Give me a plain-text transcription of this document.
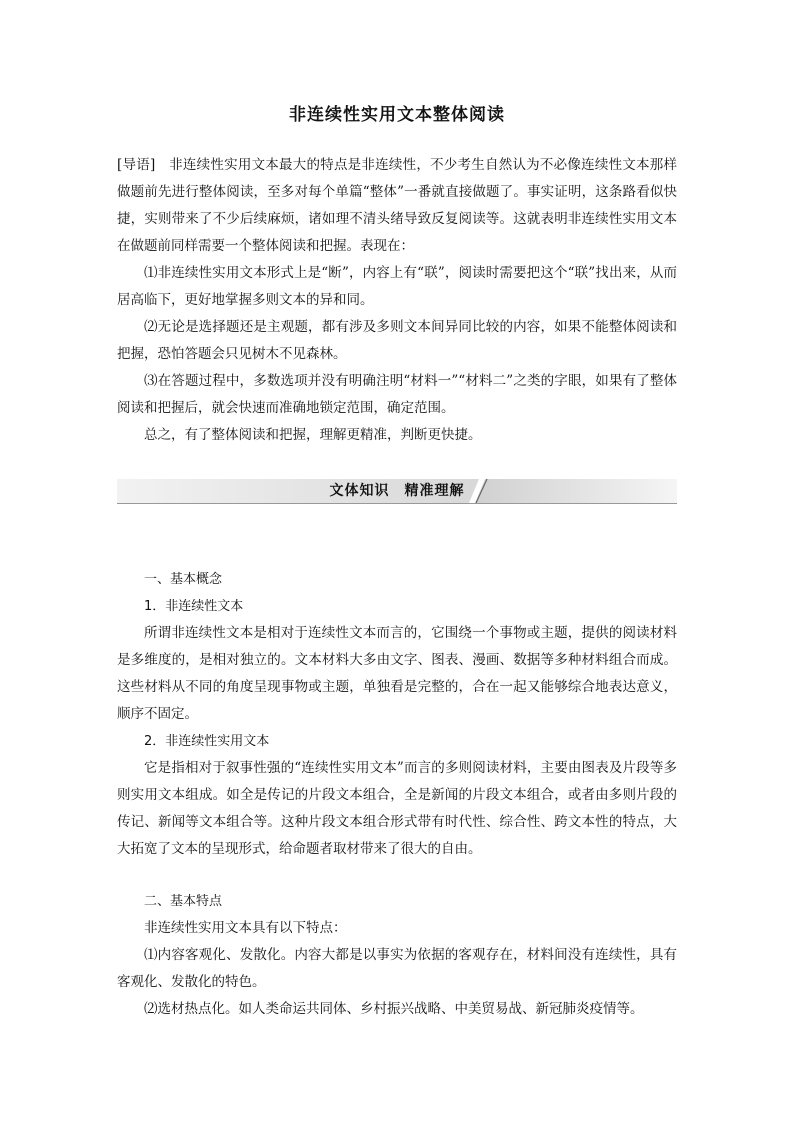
非连续性实用文本整体阅读

[导语]　非连续性实用文本最大的特点是非连续性，不少考生自然认为不必像连续性文本那样做题前先进行整体阅读，至多对每个单篇“整体”一番就直接做题了。事实证明，这条路看似快捷，实则带来了不少后续麻烦，诸如理不清头绪导致反复阅读等。这就表明非连续性实用文本在做题前同样需要一个整体阅读和把握。表现在：

⑴非连续性实用文本形式上是“断”，内容上有“联”，阅读时需要把这个“联”找出来，从而居高临下，更好地掌握多则文本的异和同。

⑵无论是选择题还是主观题，都有涉及多则文本间异同比较的内容，如果不能整体阅读和把握，恐怕答题会只见树木不见森林。

⑶在答题过程中，多数选项并没有明确注明“材料一”“材料二”之类的字眼，如果有了整体阅读和把握后，就会快速而准确地锁定范围，确定范围。

总之，有了整体阅读和把握，理解更精准，判断更快捷。

文体知识　精准理解

一、基本概念

1．非连续性文本

所谓非连续性文本是相对于连续性文本而言的，它围绕一个事物或主题，提供的阅读材料是多维度的，是相对独立的。文本材料大多由文字、图表、漫画、数据等多种材料组合而成。这些材料从不同的角度呈现事物或主题，单独看是完整的，合在一起又能够综合地表达意义，顺序不固定。

2．非连续性实用文本

它是指相对于叙事性强的“连续性实用文本”而言的多则阅读材料，主要由图表及片段等多则实用文本组成。如全是传记的片段文本组合，全是新闻的片段文本组合，或者由多则片段的传记、新闻等文本组合等。这种片段文本组合形式带有时代性、综合性、跨文本性的特点，大大拓宽了文本的呈现形式，给命题者取材带来了很大的自由。

二、基本特点

非连续性实用文本具有以下特点：

⑴内容客观化、发散化。内容大都是以事实为依据的客观存在，材料间没有连续性，具有客观化、发散化的特色。

⑵选材热点化。如人类命运共同体、乡村振兴战略、中美贸易战、新冠肺炎疫情等。
